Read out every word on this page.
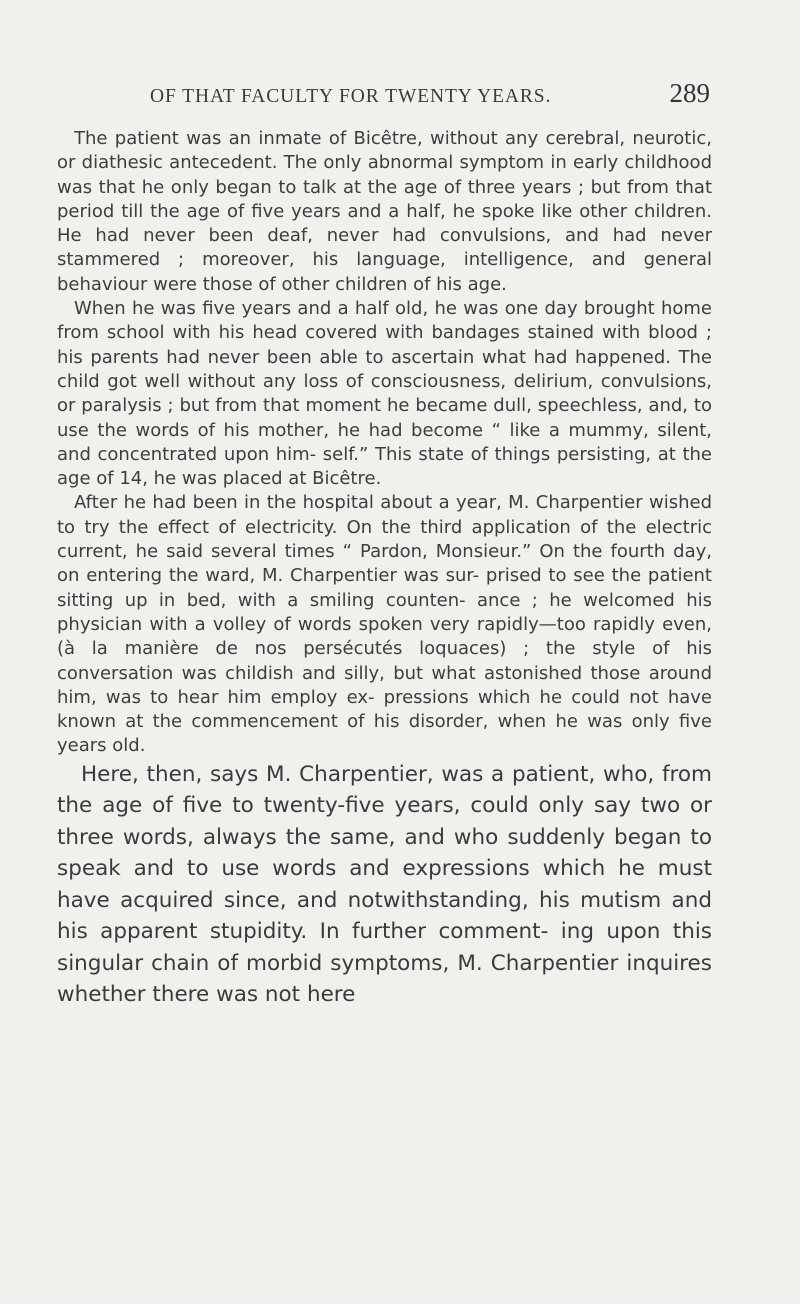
OF THAT FACULTY FOR TWENTY YEARS.	289

The patient was an inmate of Bicêtre, without any cerebral, neurotic, or diathesic antecedent. The only abnormal symptom in early childhood was that he only began to talk at the age of three years ; but from that period till the age of five years and a half, he spoke like other children. He had never been deaf, never had convulsions, and had never stammered ; moreover, his language, intelligence, and general behaviour were those of other children of his age.

When he was five years and a half old, he was one day brought home from school with his head covered with bandages stained with blood ; his parents had never been able to ascertain what had happened. The child got well without any loss of consciousness, delirium, convulsions, or paralysis ; but from that moment he became dull, speechless, and, to use the words of his mother, he had become “ like a mummy, silent, and concentrated upon him- self.” This state of things persisting, at the age of 14, he was placed at Bicêtre.

After he had been in the hospital about a year, M. Charpentier wished to try the effect of electricity. On the third application of the electric current, he said several times “ Pardon, Monsieur.” On the fourth day, on entering the ward, M. Charpentier was sur- prised to see the patient sitting up in bed, with a smiling counten- ance ; he welcomed his physician with a volley of words spoken very rapidly—too rapidly even, (à la manière de nos persécutés loquaces) ; the style of his conversation was childish and silly, but what astonished those around him, was to hear him employ ex- pressions which he could not have known at the commencement of his disorder, when he was only five years old.

Here, then, says M. Charpentier, was a patient, who, from the age of five to twenty-five years, could only say two or three words, always the same, and who suddenly began to speak and to use words and expressions which he must have acquired since, and notwithstanding, his mutism and his apparent stupidity. In further comment- ing upon this singular chain of morbid symptoms, M. Charpentier inquires whether there was not here
